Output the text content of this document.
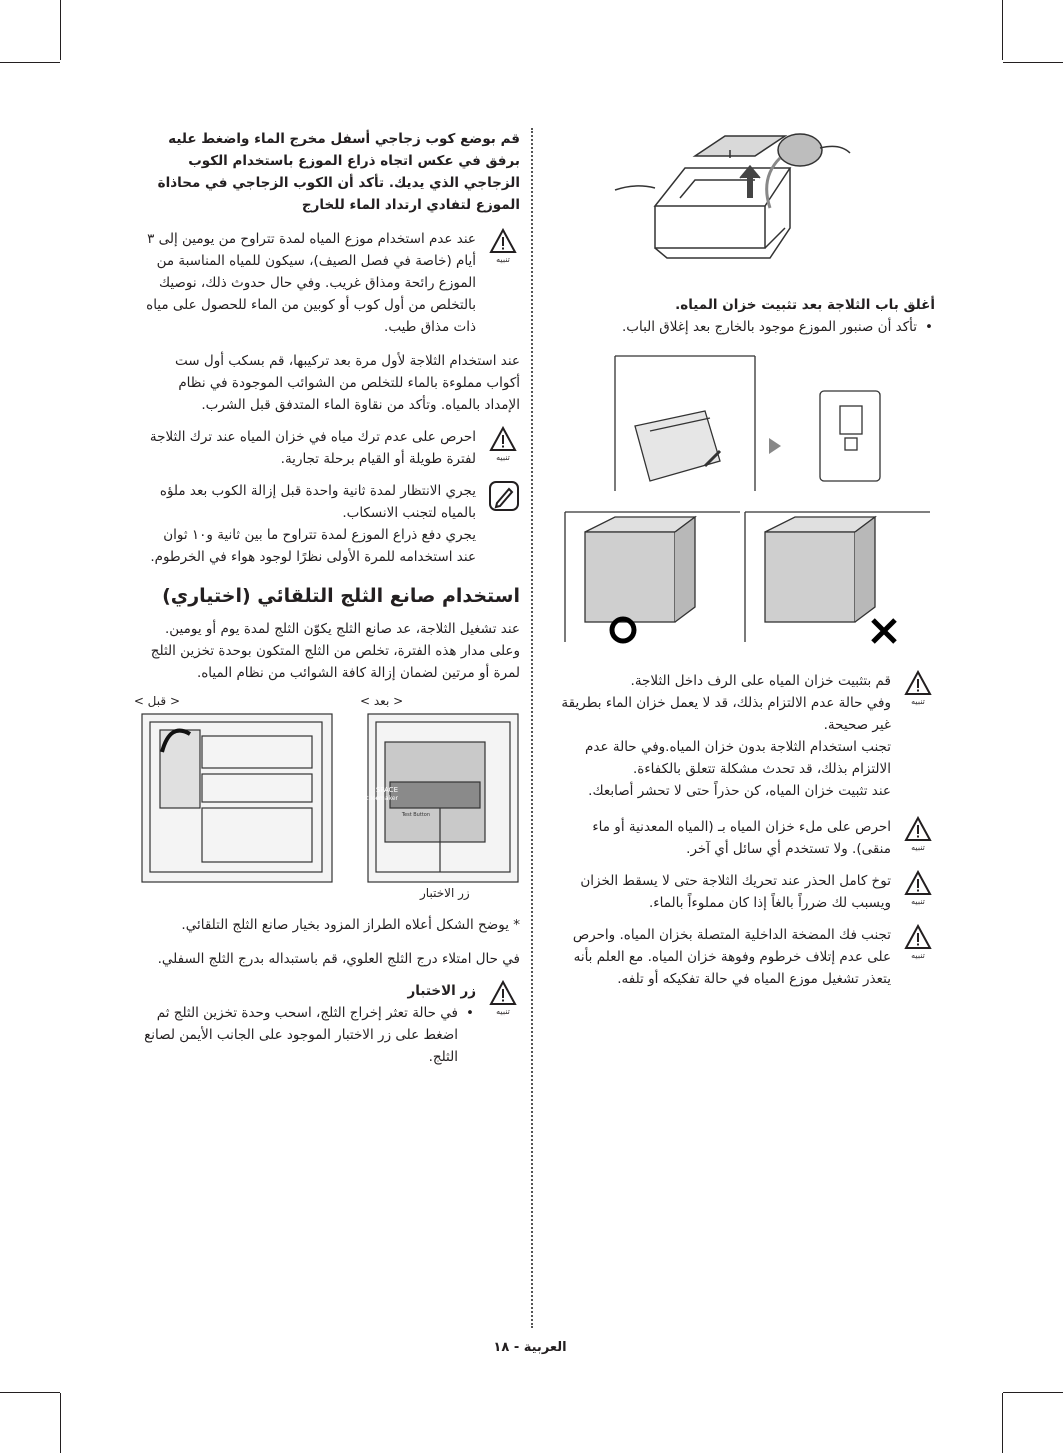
أغلق باب الثلاجة بعد تثبيت خزان المياه.

• تأكد أن صنبور الموزع موجود بالخارج بعد إغلاق الباب.
تنبيه

قم بتثبيت خزان المياه على الرف داخل الثلاجة.

وفي حالة عدم الالتزام بذلك، قد لا يعمل خزان الماء بطريقة غير صحيحة.

تجنب استخدام الثلاجة بدون خزان المياه.وفي حالة عدم الالتزام بذلك، قد تحدث مشكلة تتعلق بالكفاءة.

عند تثبيت خزان المياه، كن حذراً حتى لا تحشر أصابعك.

تنبيه

احرص على ملء خزان المياه بـ (المياه المعدنية أو ماء منقى). ولا تستخدم أي سائل أي آخر.

تنبيه

توخ كامل الحذر عند تحريك الثلاجة حتى لا يسقط الخزان ويسبب لك ضرراً بالغاً إذا كان مملوءاً بالماء.

تنبيه

تجنب فك المضخة الداخلية المتصلة بخزان المياه. واحرص على عدم إتلاف خرطوم وفوهة خزان المياه. مع العلم بأنه يتعذر تشغيل موزع المياه في حالة تفكيكه أو تلفه.

قم بوضع كوب زجاجي أسفل مخرج الماء واضغط عليه برفق في عكس اتجاه ذراع الموزع باستخدام الكوب الزجاجي الذي يديك. تأكد أن الكوب الزجاجي في محاذاة الموزع لتفادي ارتداد الماء للخارج

تنبيه

عند عدم استخدام موزع المياه لمدة تتراوح من يومين إلى ٣ أيام (خاصة في فصل الصيف)، سيكون للمياه المناسبة من الموزع رائحة ومذاق غريب. وفي حال حدوث ذلك، نوصيك بالتخلص من أول كوب أو كوبين من الماء للحصول على مياه ذات مذاق طيب.

عند استخدام الثلاجة لأول مرة بعد تركيبها، قم بسكب أول ست أكواب مملوءة بالماء للتخلص من الشوائب الموجودة في نظام الإمداد بالمياه. وتأكد من نقاوة الماء المتدفق قبل الشرب.

تنبيه

احرص على عدم ترك مياه في خزان المياه عند ترك الثلاجة لفترة طويلة أو القيام برحلة تجارية.

يجري الانتظار لمدة ثانية واحدة قبل إزالة الكوب بعد ملؤه بالمياه لتجنب الانسكاب.

يجري دفع ذراع الموزع لمدة تتراوح ما بين ثانية و١٠ ثوان عند استخدامه للمرة الأولى نظرًا لوجود هواء في الخرطوم.

استخدام صانع الثلج التلقائي (اختياري)

عند تشغيل الثلاجة، عد صانع الثلج يكوّن الثلج لمدة يوم أو يومين. وعلى مدار هذه الفترة، تخلص من الثلج المتكون بوحدة تخزين الثلج لمرة أو مرتين لضمان إزالة كافة الشوائب من نظام المياه.

< بعد >
< قبل >
SPACE
Compact Icemaker
Test Button
زر الاختبار

* يوضح الشكل أعلاه الطراز المزود بخيار صانع الثلج التلقائي.

في حال امتلاء درج الثلج العلوي، قم باستبداله بدرج الثلج السفلي.

تنبيه

زر الاختبار

• في حالة تعثر إخراج الثلج، اسحب وحدة تخزين الثلج ثم اضغط على زر الاختبار الموجود على الجانب الأيمن لصانع الثلج.
العربية - ١٨
